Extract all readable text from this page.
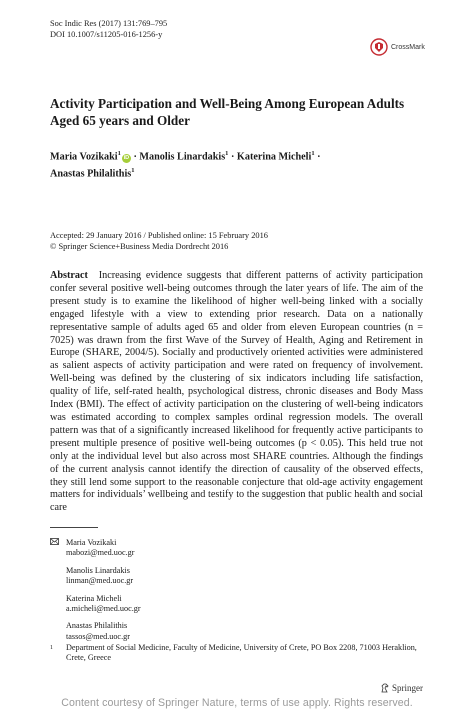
Soc Indic Res (2017) 131:769–795
DOI 10.1007/s11205-016-1256-y
CrossMark
Activity Participation and Well-Being Among European Adults Aged 65 years and Older
Maria Vozikaki$^1$iD · Manolis Linardakis$^1$ · Katerina Micheli$^1$ ·
Anastas Philalithis$^1$
Accepted: 29 January 2016 / Published online: 15 February 2016
© Springer Science+Business Media Dordrecht 2016
Abstract Increasing evidence suggests that different patterns of activity participation confer several positive well-being outcomes through the later years of life. The aim of the present study is to examine the likelihood of higher well-being linked with a socially engaged lifestyle with a view to extending prior research. Data on a nationally representative sample of adults aged 65 and older from eleven European countries (n = 7025) was drawn from the first Wave of the Survey of Health, Aging and Retirement in Europe (SHARE, 2004/5). Socially and productively oriented activities were administered as salient aspects of activity participation and were rated on frequency of involvement. Well-being was defined by the clustering of six indicators including life satisfaction, quality of life, self-rated health, psychological distress, chronic diseases and Body Mass Index (BMI). The effect of activity participation on the clustering of well-being indicators was estimated according to complex samples ordinal regression models. The overall pattern was that of a significantly increased likelihood for frequently active participants to present multiple presence of positive well-being outcomes (p < 0.05). This held true not only at the individual level but also across most SHARE countries. Although the findings of the current analysis cannot identify the direction of causality of the observed effects, they still lend some support to the reasonable conjecture that old-age activity engagement matters for individuals’ wellbeing and testify to the suggestion that public health and social care
Maria Vozikaki
mabozi@med.uoc.gr
Manolis Linardakis
linman@med.uoc.gr
Katerina Micheli
a.micheli@med.uoc.gr
Anastas Philalithis
tassos@med.uoc.gr
1	Department of Social Medicine, Faculty of Medicine, University of Crete, PO Box 2208, 71003 Heraklion, Crete, Greece
Springer
Content courtesy of Springer Nature, terms of use apply. Rights reserved.
